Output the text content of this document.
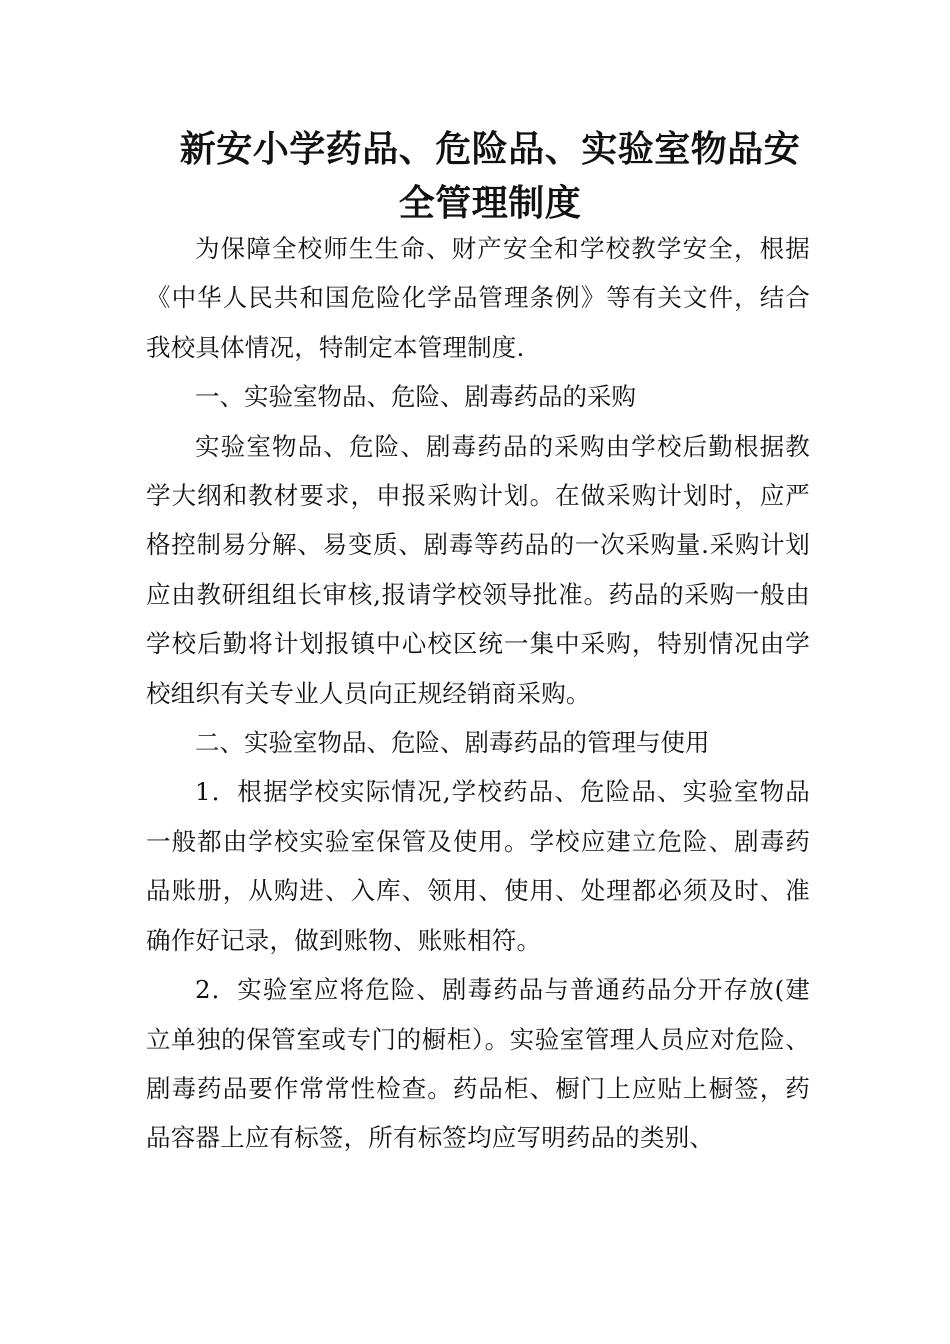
新安小学药品、危险品、实验室物品安
全管理制度

为保障全校师生生命、财产安全和学校教学安全，根据《中华人民共和国危险化学品管理条例》等有关文件，结合我校具体情况，特制定本管理制度.

一、实验室物品、危险、剧毒药品的采购

实验室物品、危险、剧毒药品的采购由学校后勤根据教学大纲和教材要求，申报采购计划。在做采购计划时，应严格控制易分解、易变质、剧毒等药品的一次采购量.采购计划应由教研组组长审核,报请学校领导批准。药品的采购一般由学校后勤将计划报镇中心校区统一集中采购，特别情况由学校组织有关专业人员向正规经销商采购。

二、实验室物品、危险、剧毒药品的管理与使用

1．根据学校实际情况,学校药品、危险品、实验室物品一般都由学校实验室保管及使用。学校应建立危险、剧毒药品账册，从购进、入库、领用、使用、处理都必须及时、准确作好记录，做到账物、账账相符。

2．实验室应将危险、剧毒药品与普通药品分开存放(建立单独的保管室或专门的橱柜）。实验室管理人员应对危险、剧毒药品要作常常性检查。药品柜、橱门上应贴上橱签，药品容器上应有标签，所有标签均应写明药品的类别、
